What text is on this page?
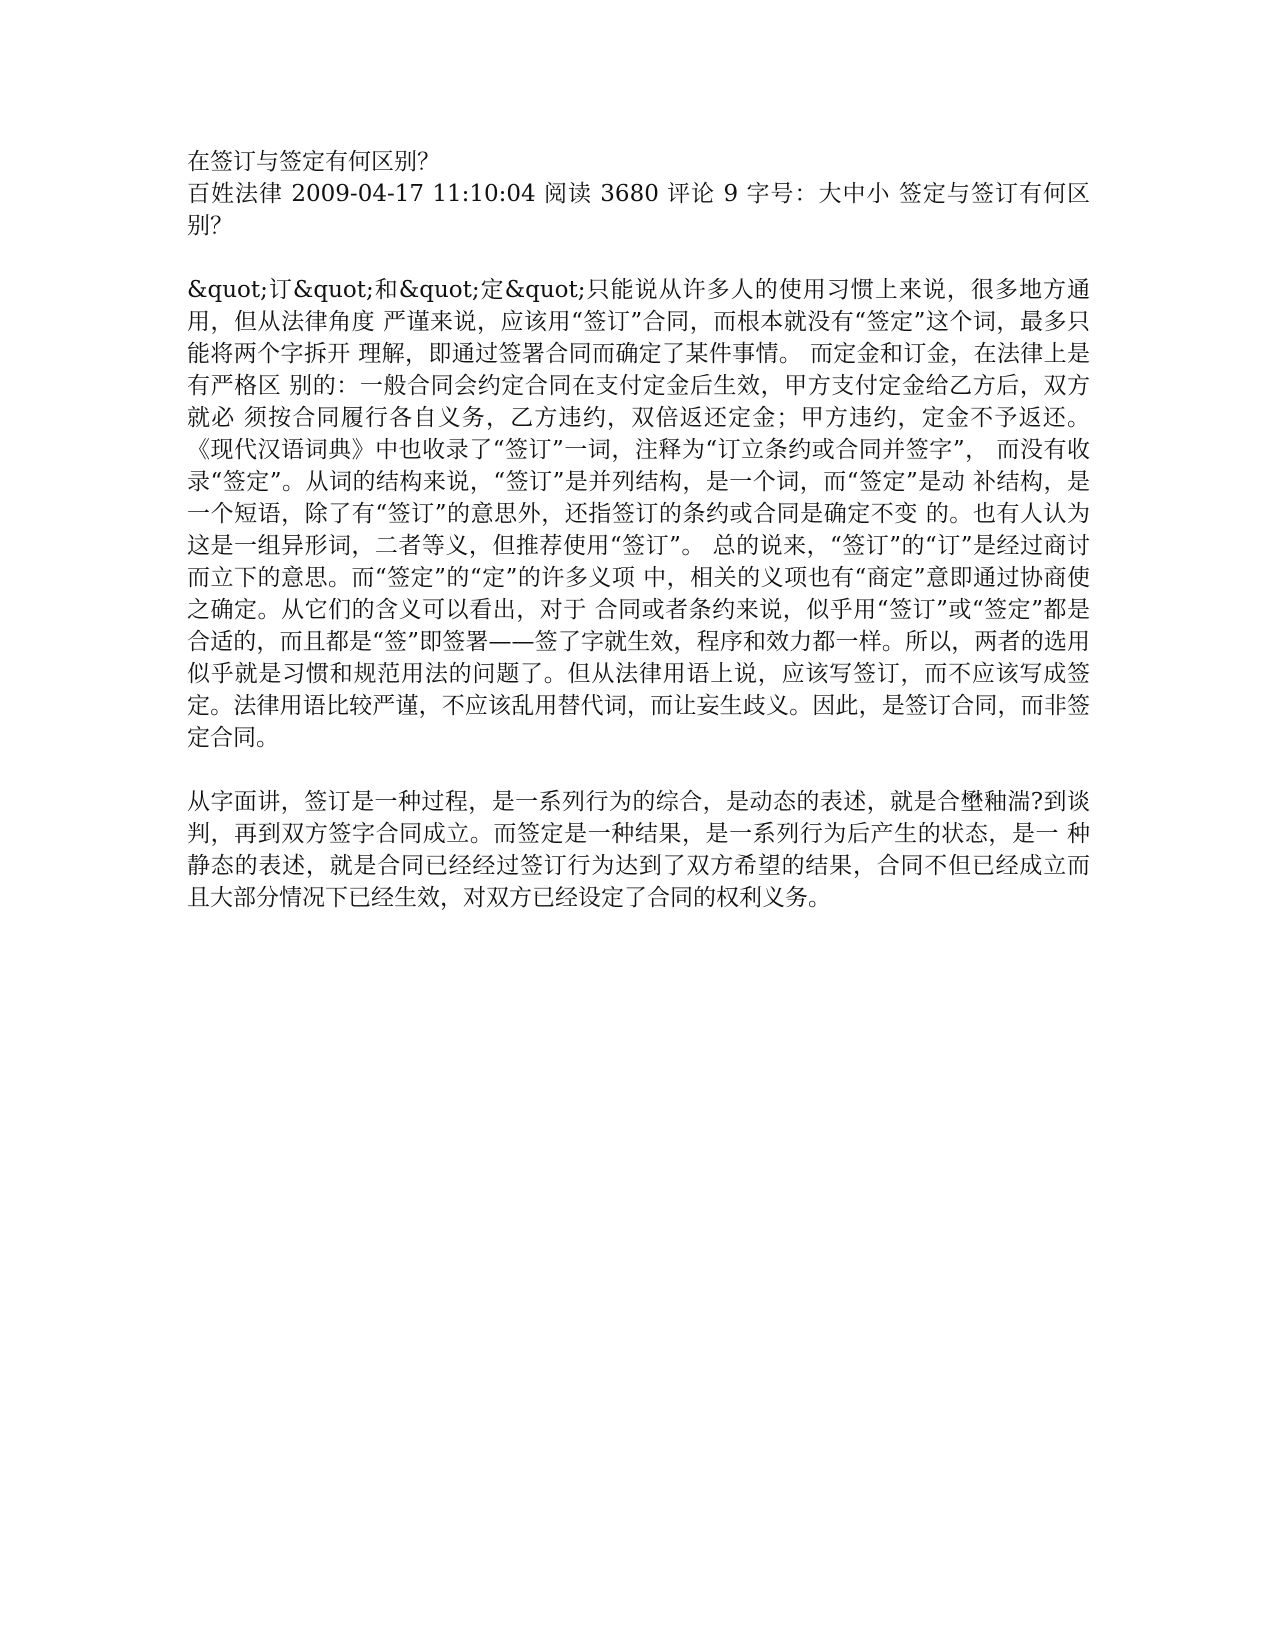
在签订与签定有何区别？

百姓法律 2009-04-17 11:10:04 阅读 3680 评论 9 字号：大中小 签定与签订有何区别？

&quot;订&quot;和&quot;定&quot;只能说从许多人的使用习惯上来说，很多地方通用，但从法律角度 严谨来说，应该用“签订”合同，而根本就没有“签定”这个词，最多只能将两个字拆开 理解，即通过签署合同而确定了某件事情。 而定金和订金，在法律上是有严格区 别的：一般合同会约定合同在支付定金后生效，甲方支付定金给乙方后，双方就必 须按合同履行各自义务，乙方违约，双倍返还定金；甲方违约，定金不予返还。 《现代汉语词典》中也收录了“签订”一词，注释为“订立条约或合同并签字”， 而没有收录“签定”。从词的结构来说，“签订”是并列结构，是一个词，而“签定”是动 补结构，是一个短语，除了有“签订”的意思外，还指签订的条约或合同是确定不变 的。也有人认为这是一组异形词，二者等义，但推荐使用“签订”。 总的说来，“签订”的“订”是经过商讨而立下的意思。而“签定”的“定”的许多义项 中，相关的义项也有“商定”意即通过协商使之确定。从它们的含义可以看出，对于 合同或者条约来说，似乎用“签订”或“签定”都是合适的，而且都是“签”即签署——签了字就生效，程序和效力都一样。所以，两者的选用似乎就是习惯和规范用法的问题了。但从法律用语上说，应该写签订，而不应该写成签定。法律用语比较严谨，不应该乱用替代词，而让妄生歧义。因此，是签订合同，而非签定合同。

从字面讲，签订是一种过程，是一系列行为的综合，是动态的表述，就是合壄釉湍?到谈判，再到双方签字合同成立。而签定是一种结果，是一系列行为后产生的状态，是一 种静态的表述，就是合同已经经过签订行为达到了双方希望的结果，合同不但已经成立而 且大部分情况下已经生效，对双方已经设定了合同的权利义务。
